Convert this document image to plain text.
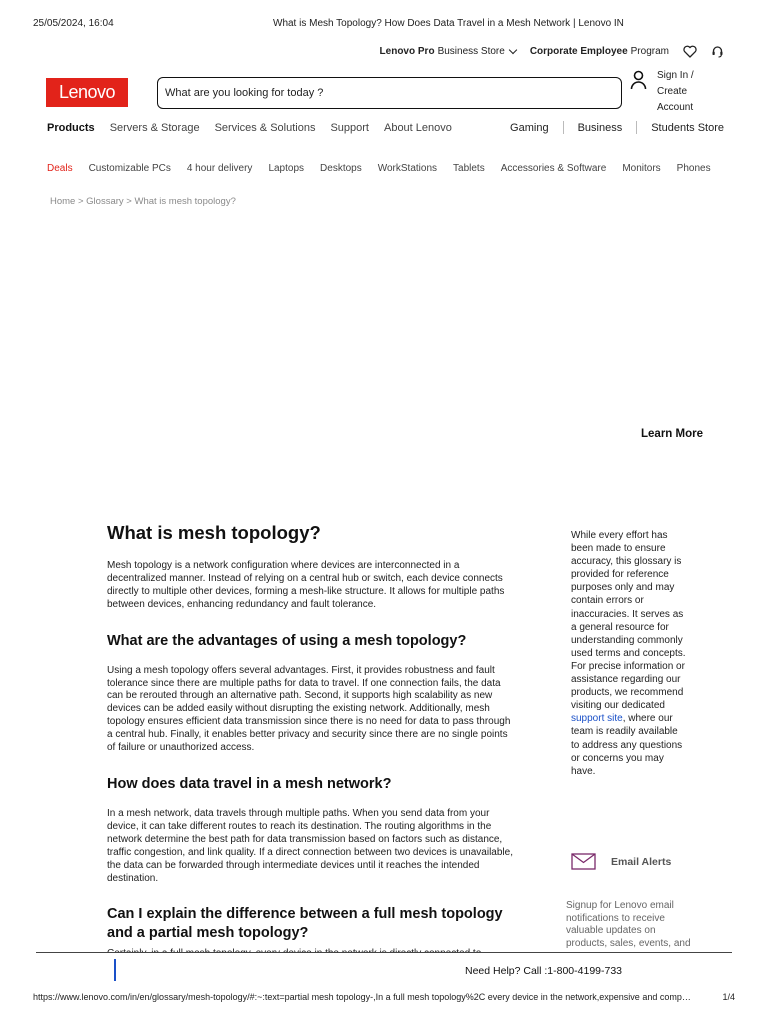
25/05/2024, 16:04	What is Mesh Topology? How Does Data Travel in a Mesh Network | Lenovo IN
Lenovo Pro Business Store	Corporate Employee Program
Lenovo
What are you looking for today ?
Sign In /
Create
Account
Products Servers & Storage Services & Solutions Support About Lenovo	Gaming	Business	Students Store
Deals Customizable PCs 4 hour delivery Laptops Desktops WorkStations Tablets Accessories & Software Monitors Phones
Home > Glossary > What is mesh topology?
Learn More
What is mesh topology?

Mesh topology is a network configuration where devices are interconnected in a decentralized manner. Instead of relying on a central hub or switch, each device connects directly to multiple other devices, forming a mesh-like structure. It allows for multiple paths between devices, enhancing redundancy and fault tolerance.

What are the advantages of using a mesh topology?

Using a mesh topology offers several advantages. First, it provides robustness and fault tolerance since there are multiple paths for data to travel. If one connection fails, the data can be rerouted through an alternative path. Second, it supports high scalability as new devices can be added easily without disrupting the existing network. Additionally, mesh topology ensures efficient data transmission since there is no need for data to pass through a central hub. Finally, it enables better privacy and security since there are no single points of failure or unauthorized access.

How does data travel in a mesh network?

In a mesh network, data travels through multiple paths. When you send data from your device, it can take different routes to reach its destination. The routing algorithms in the network determine the best path for data transmission based on factors such as distance, traffic congestion, and link quality. If a direct connection between two devices is unavailable, the data can be forwarded through intermediate devices until it reaches the intended destination.

Can I explain the difference between a full mesh topology and a partial mesh topology?
While every effort has been made to ensure accuracy, this glossary is provided for reference purposes only and may contain errors or inaccuracies. It serves as a general resource for understanding commonly used terms and concepts. For precise information or assistance regarding our products, we recommend visiting our dedicated support site, where our team is readily available to address any questions or concerns you may have.
Email Alerts
Signup for Lenovo email notifications to receive valuable updates on products, sales, events, and
Need Help? Call :1-800-4199-733
https://www.lenovo.com/in/en/glossary/mesh-topology/#:~:text=partial mesh topology-,In a full mesh topology%2C every device in the network,expensive and comp…	1/4
